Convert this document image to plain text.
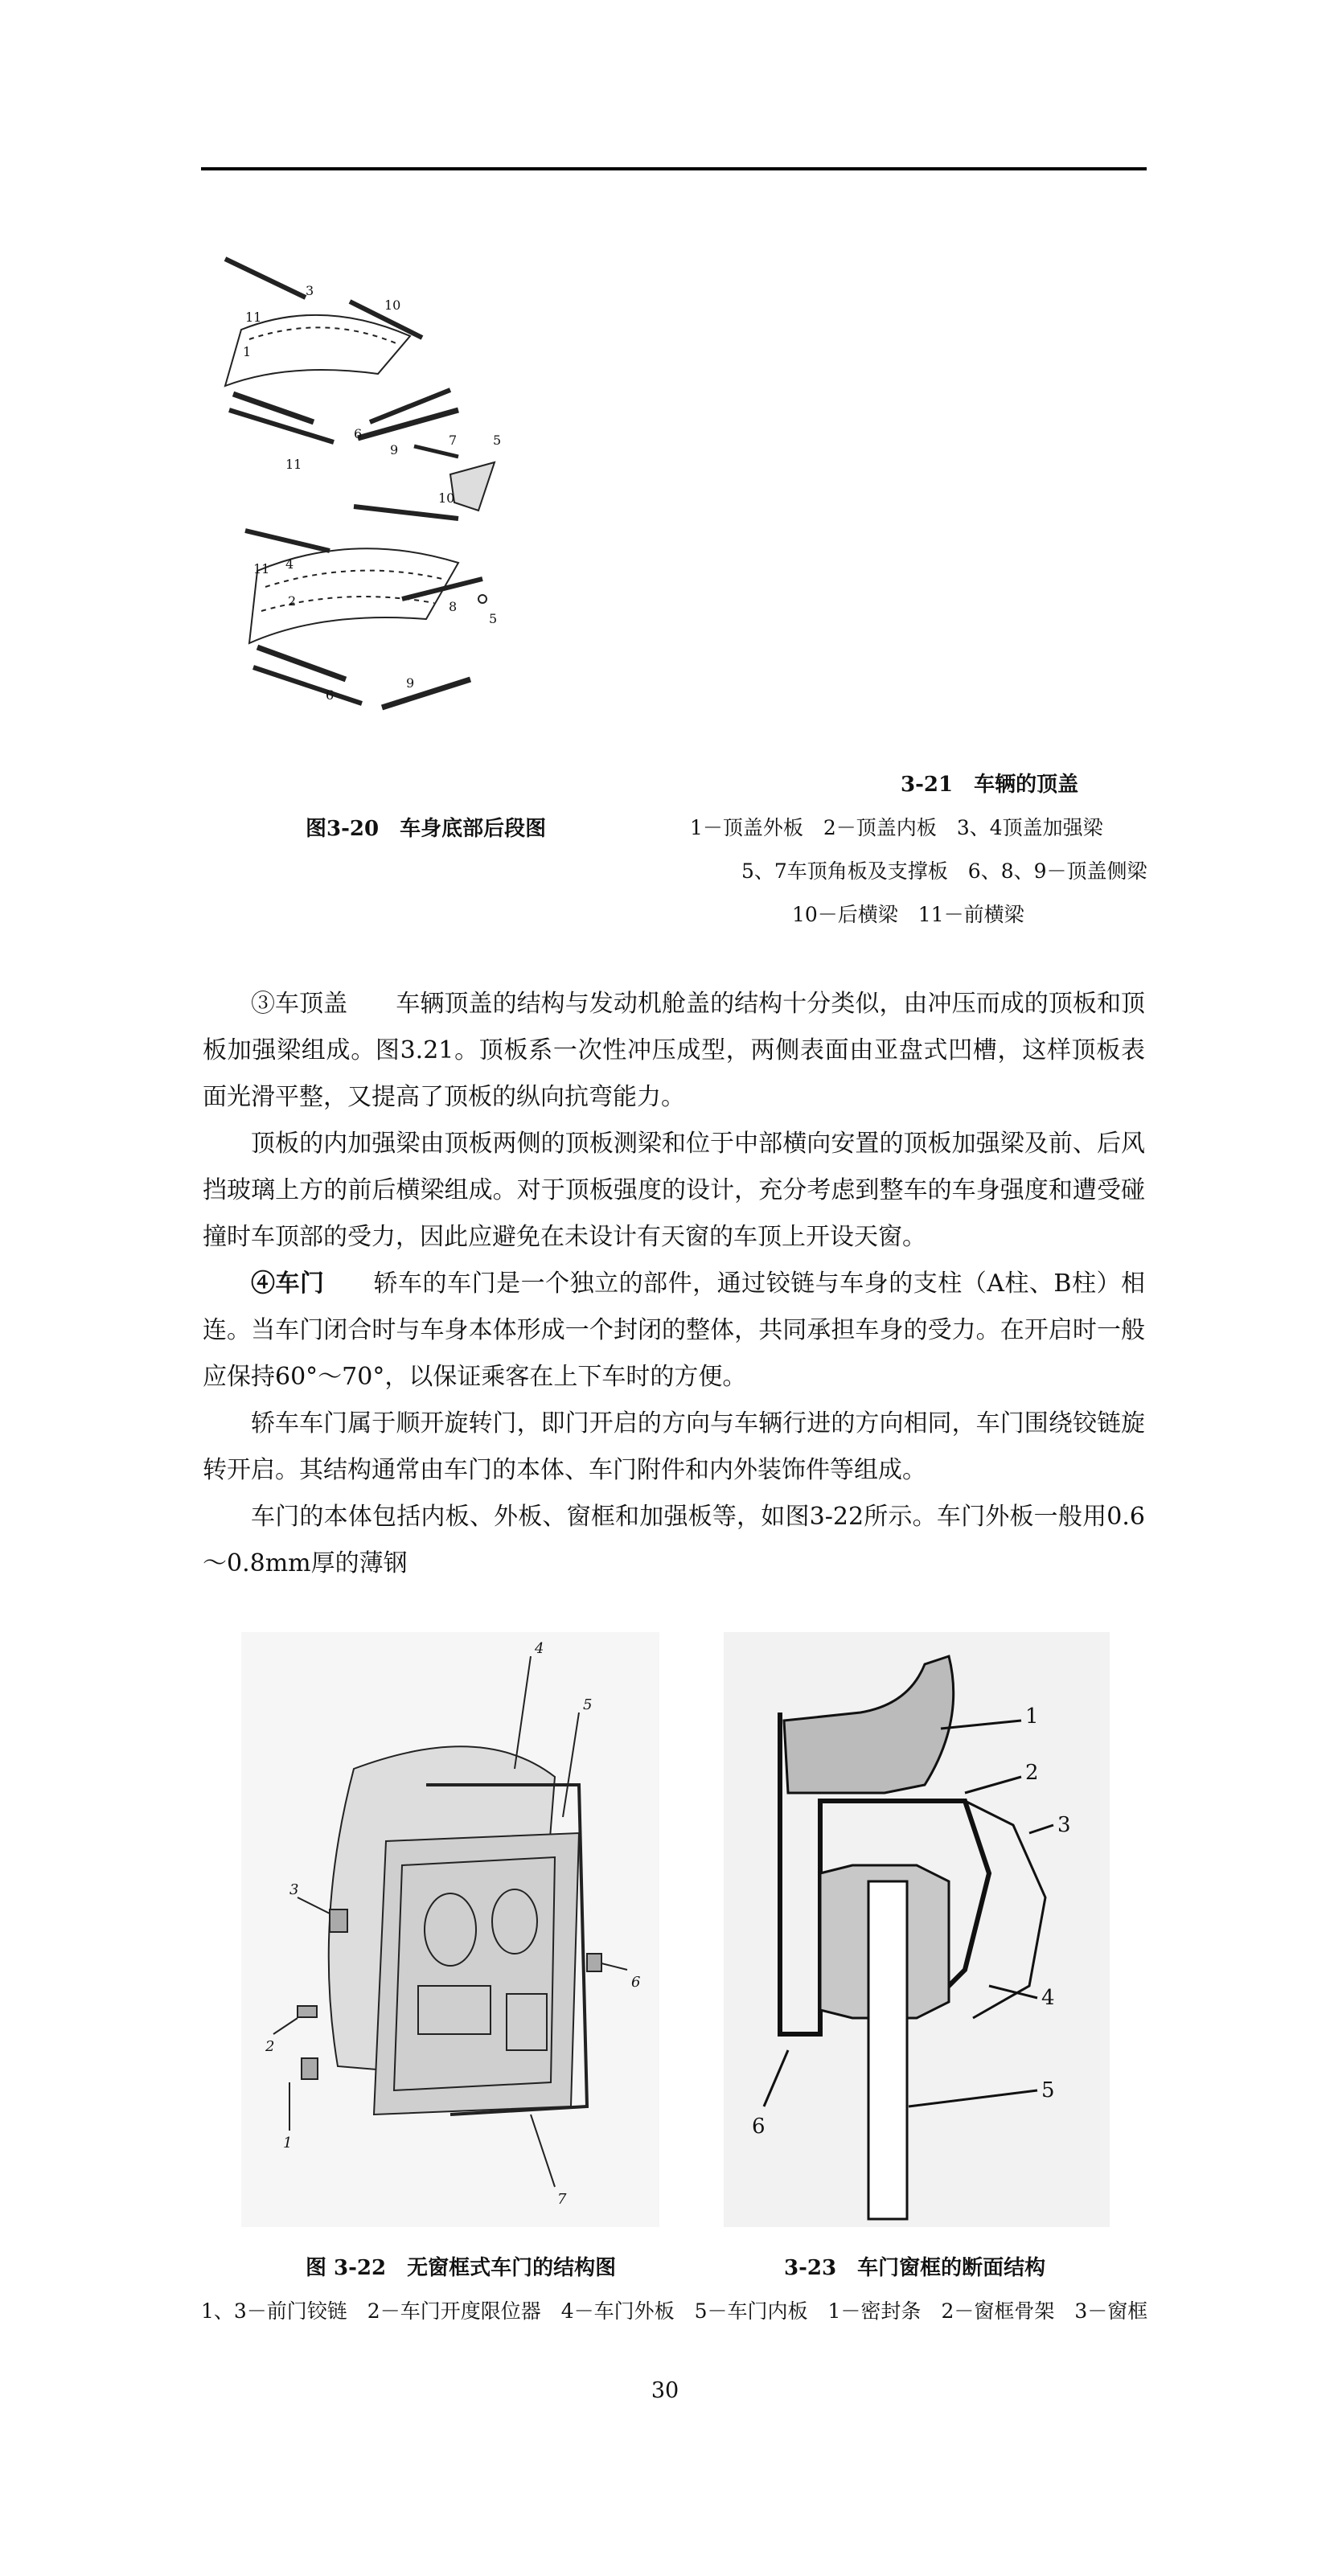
3
10
11
1
6
9
7	5
11
10
11 4
2	8
5
6
9
3-21　车辆的顶盖
图3-20　车身底部后段图	1－顶盖外板　2－顶盖内板　3、4顶盖加强梁
5、7车顶角板及支撑板　6、8、9－顶盖侧梁
10－后横梁　11－前横梁

③车顶盖　　车辆顶盖的结构与发动机舱盖的结构十分类似，由冲压而成的顶板和顶板加强梁组成。图3.21。顶板系一次性冲压成型，两侧表面由亚盘式凹槽，这样顶板表面光滑平整，又提高了顶板的纵向抗弯能力。

顶板的内加强梁由顶板两侧的顶板测梁和位于中部横向安置的顶板加强梁及前、后风挡玻璃上方的前后横梁组成。对于顶板强度的设计，充分考虑到整车的车身强度和遭受碰撞时车顶部的受力，因此应避免在未设计有天窗的车顶上开设天窗。

④车门　　轿车的车门是一个独立的部件，通过铰链与车身的支柱（A柱、B柱）相连。当车门闭合时与车身本体形成一个封闭的整体，共同承担车身的受力。在开启时一般应保持60°～70°，以保证乘客在上下车时的方便。

轿车车门属于顺开旋转门，即门开启的方向与车辆行进的方向相同，车门围绕铰链旋转开启。其结构通常由车门的本体、车门附件和内外装饰件等组成。

车门的本体包括内板、外板、窗框和加强板等，如图3-22所示。车门外板一般用0.6～0.8mm厚的薄钢

4
5
3
2
1
6
7
1
2
3
4
5
6
图 3-22　无窗框式车门的结构图	3-23　车门窗框的断面结构
1、3－前门铰链　2－车门开度限位器　4－车门外板　5－车门内板　1－密封条　2－窗框骨架　3－窗框
30
